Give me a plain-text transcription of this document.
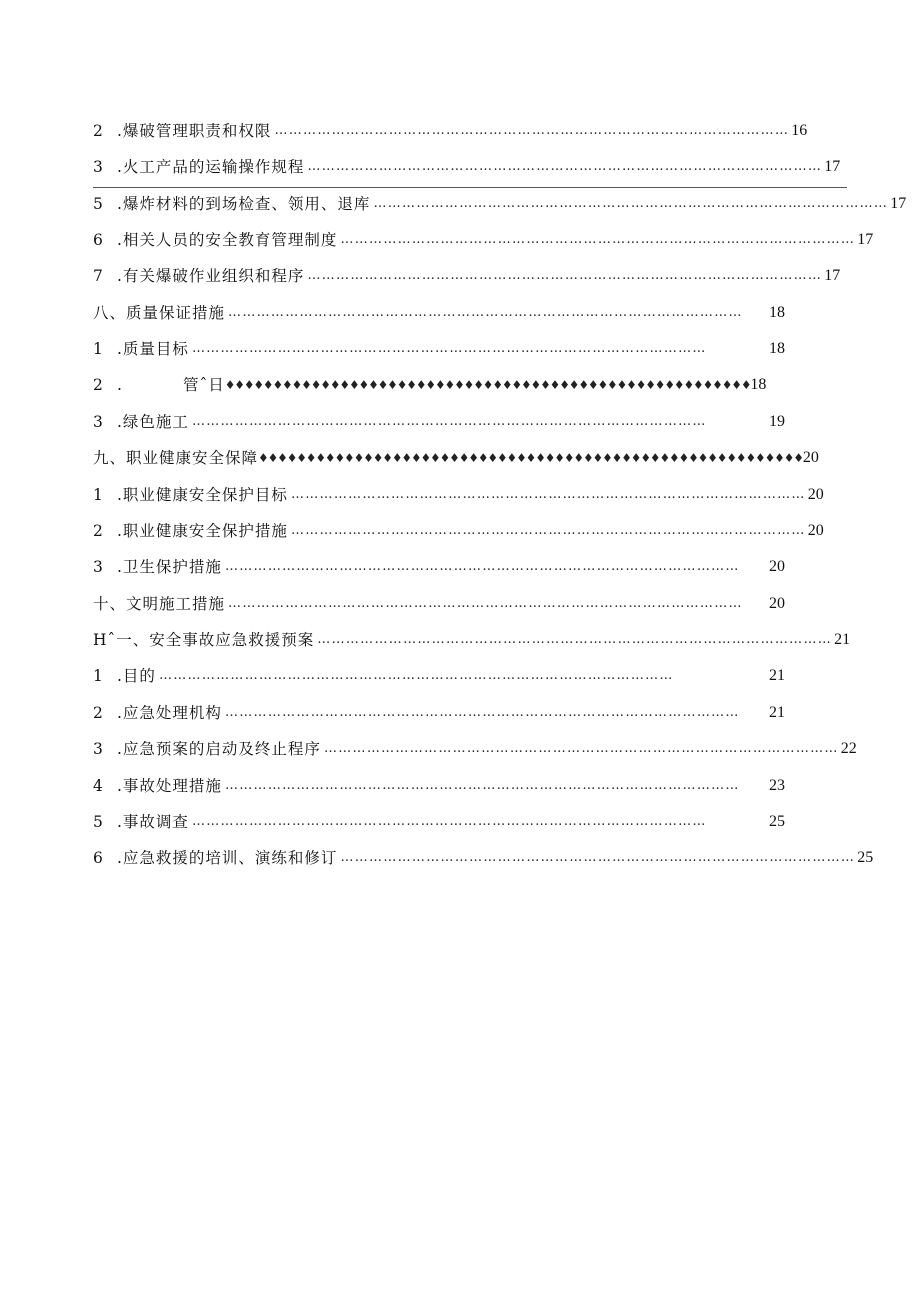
2 .爆破管理职责和权限 ……………………………………………………………………………………………… 16
3 .火工产品的运输操作规程 ……………………………………………………………………………………………… 17
5 .爆炸材料的到场检查、领用、退库 ……………………………………………………………………………………………… 17
6 .相关人员的安全教育管理制度 ……………………………………………………………………………………………… 17
7 .有关爆破作业组织和程序 ……………………………………………………………………………………………… 17
八、质量保证措施 ………………………………………………………………………………………………	18
1 .质量目标 ………………………………………………………………………………………………	18
2 .	管ˆ日 ♦♦♦♦♦♦♦♦♦♦♦♦♦♦♦♦♦♦♦♦♦♦♦♦♦♦♦♦♦♦♦♦♦♦♦♦♦♦♦♦♦♦♦♦♦♦♦♦♦♦♦♦♦♦♦ 18
3 .绿色施工 ………………………………………………………………………………………………	19
九、职业健康安全保障 ♦♦♦♦♦♦♦♦♦♦♦♦♦♦♦♦♦♦♦♦♦♦♦♦♦♦♦♦♦♦♦♦♦♦♦♦♦♦♦♦♦♦♦♦♦♦♦♦♦♦♦♦♦♦♦♦♦ 20
1 .职业健康安全保护目标 ……………………………………………………………………………………………… 20
2 .职业健康安全保护措施 ……………………………………………………………………………………………… 20
3 .卫生保护措施 ………………………………………………………………………………………………	20
十、文明施工措施 ………………………………………………………………………………………………	20
Hˆ一、安全事故应急救援预案 ……………………………………………………………………………………………… 21
1 .目的 ………………………………………………………………………………………………	21
2 .应急处理机构 ………………………………………………………………………………………………	21
3 .应急预案的启动及终止程序 ……………………………………………………………………………………………… 22
4 .事故处理措施 ………………………………………………………………………………………………	23
5 .事故调查 ………………………………………………………………………………………………	25
6 .应急救援的培训、演练和修订 ……………………………………………………………………………………………… 25
